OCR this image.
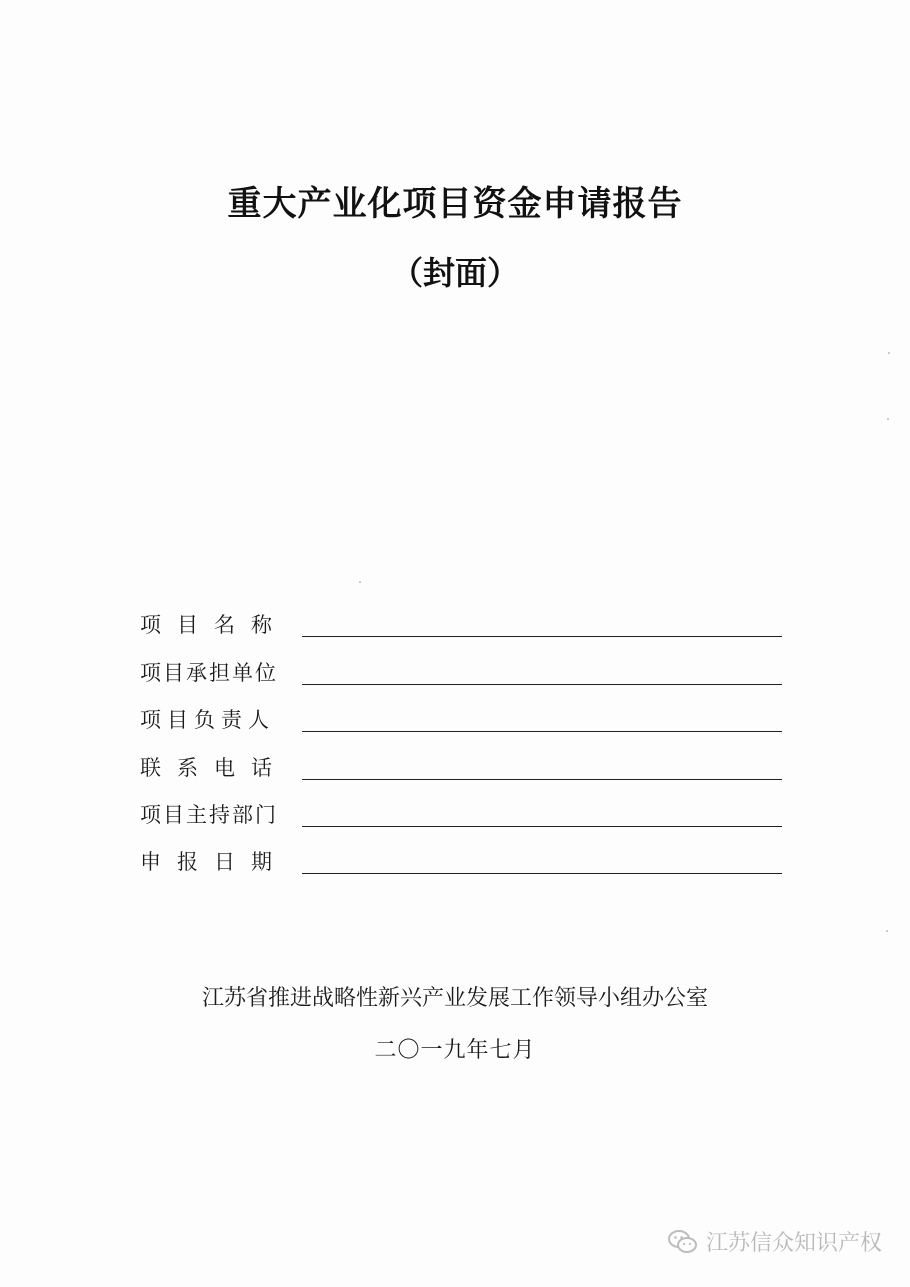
重大产业化项目资金申请报告
（封面）
项目名称
项目承担单位
项目负责人
联系电话
项目主持部门
申报日期
江苏省推进战略性新兴产业发展工作领导小组办公室
二〇一九年七月
江苏信众知识产权
